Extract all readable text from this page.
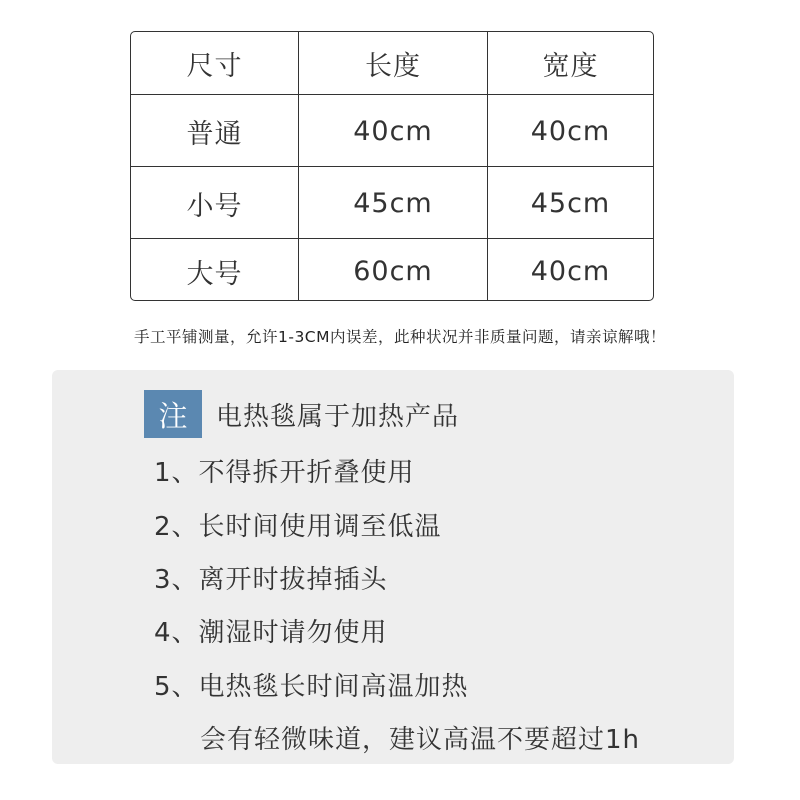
尺寸	长度	宽度
普通	40cm	40cm
小号	45cm	45cm
大号	60cm	40cm
手工平铺测量，允许1-3CM内误差，此种状况并非质量问题，请亲谅解哦！
注	电热毯属于加热产品
1、不得拆开折叠使用
2、长时间使用调至低温
3、离开时拔掉插头
4、潮湿时请勿使用
5、电热毯长时间高温加热
会有轻微味道，建议高温不要超过1h
